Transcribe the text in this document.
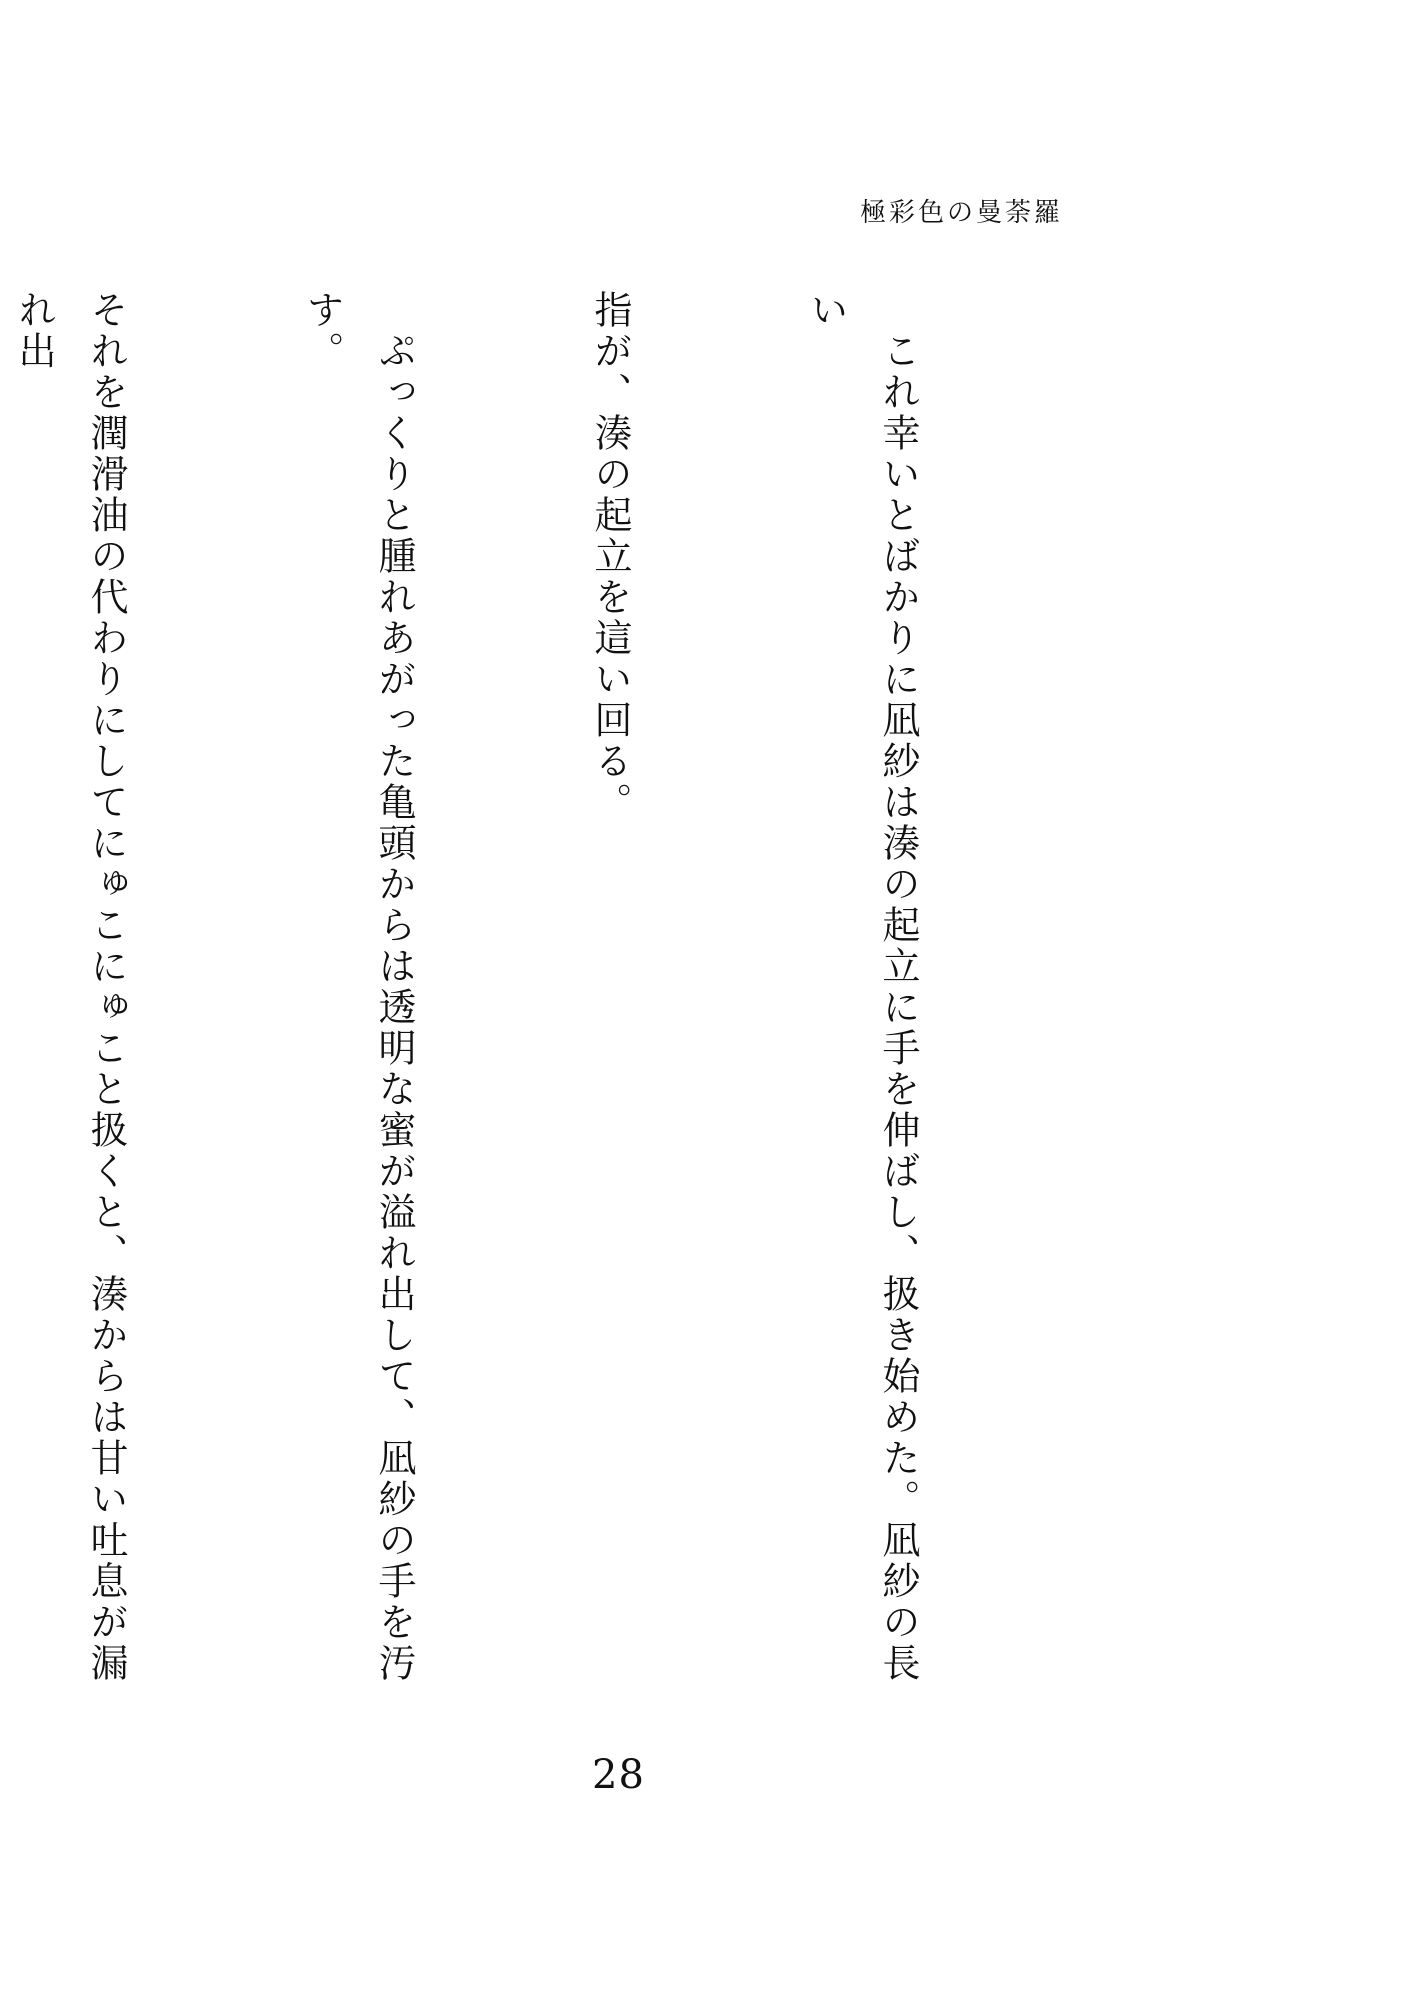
極彩色の曼荼羅

　これ幸いとばかりに凪紗は湊の起立に手を伸ばし、扱き始めた。凪紗の長い

指が、湊の起立を這い回る。

　ぷっくりと腫れあがった亀頭からは透明な蜜が溢れ出して、凪紗の手を汚す。

それを潤滑油の代わりにしてにゅこにゅこと扱くと、湊からは甘い吐息が漏れ出

28
